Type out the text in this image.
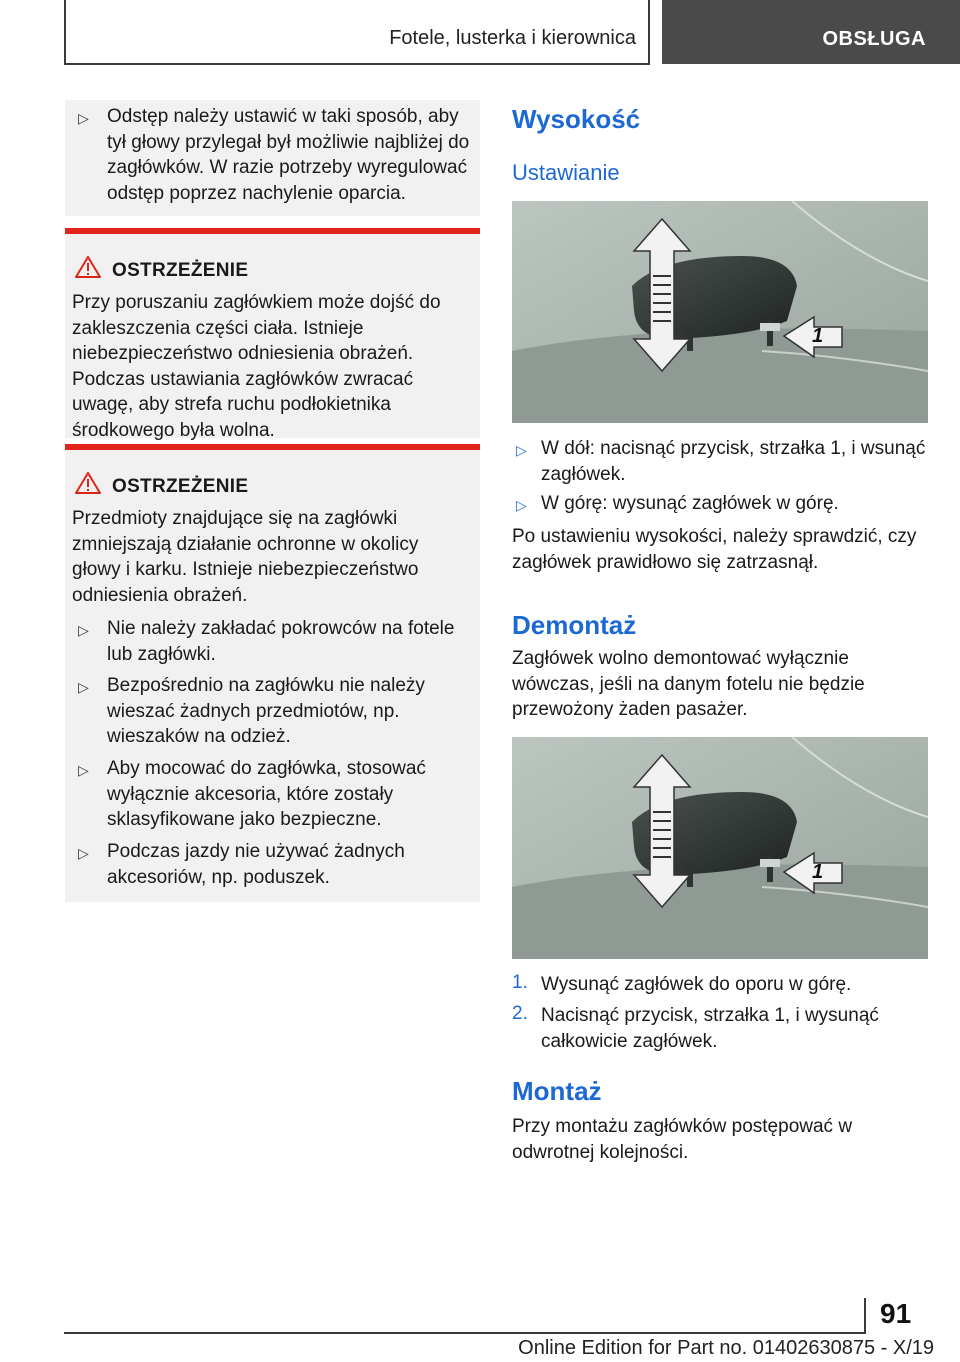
Fotele, lusterka i kierownica	OBSŁUGA
▷ Odstęp należy ustawić w taki sposób, aby tył głowy przylegał był możliwie najbliżej do zagłówków. W razie potrzeby wyregulować odstęp poprzez nachylenie oparcia.
OSTRZEŻENIE
Przy poruszaniu zagłówkiem może dojść do zakleszczenia części ciała. Istnieje niebezpieczeństwo odniesienia obrażeń. Podczas ustawiania zagłówków zwracać uwagę, aby strefa ruchu podłokietnika środkowego była wolna.
OSTRZEŻENIE
Przedmioty znajdujące się na zagłówki zmniejszają działanie ochronne w okolicy głowy i karku. Istnieje niebezpieczeństwo odniesienia obrażeń.
▷ Nie należy zakładać pokrowców na fotele lub zagłówki.
▷ Bezpośrednio na zagłówku nie należy wieszać żadnych przedmiotów, np. wieszaków na odzież.
▷ Aby mocować do zagłówka, stosować wyłącznie akcesoria, które zostały sklasyfikowane jako bezpieczne.
▷ Podczas jazdy nie używać żadnych akcesoriów, np. poduszek.
Wysokość
Ustawianie
1
▷ W dół: nacisnąć przycisk, strzałka 1, i wsunąć zagłówek.
▷ W górę: wysunąć zagłówek w górę.
Po ustawieniu wysokości, należy sprawdzić, czy zagłówek prawidłowo się zatrzasnął.
Demontaż
Zagłówek wolno demontować wyłącznie wówczas, jeśli na danym fotelu nie będzie przewożony żaden pasażer.
1
1. Wysunąć zagłówek do oporu w górę.
2. Nacisnąć przycisk, strzałka 1, i wysunąć całkowicie zagłówek.
Montaż
Przy montażu zagłówków postępować w odwrotnej kolejności.
91
Online Edition for Part no. 01402630875 - X/19
